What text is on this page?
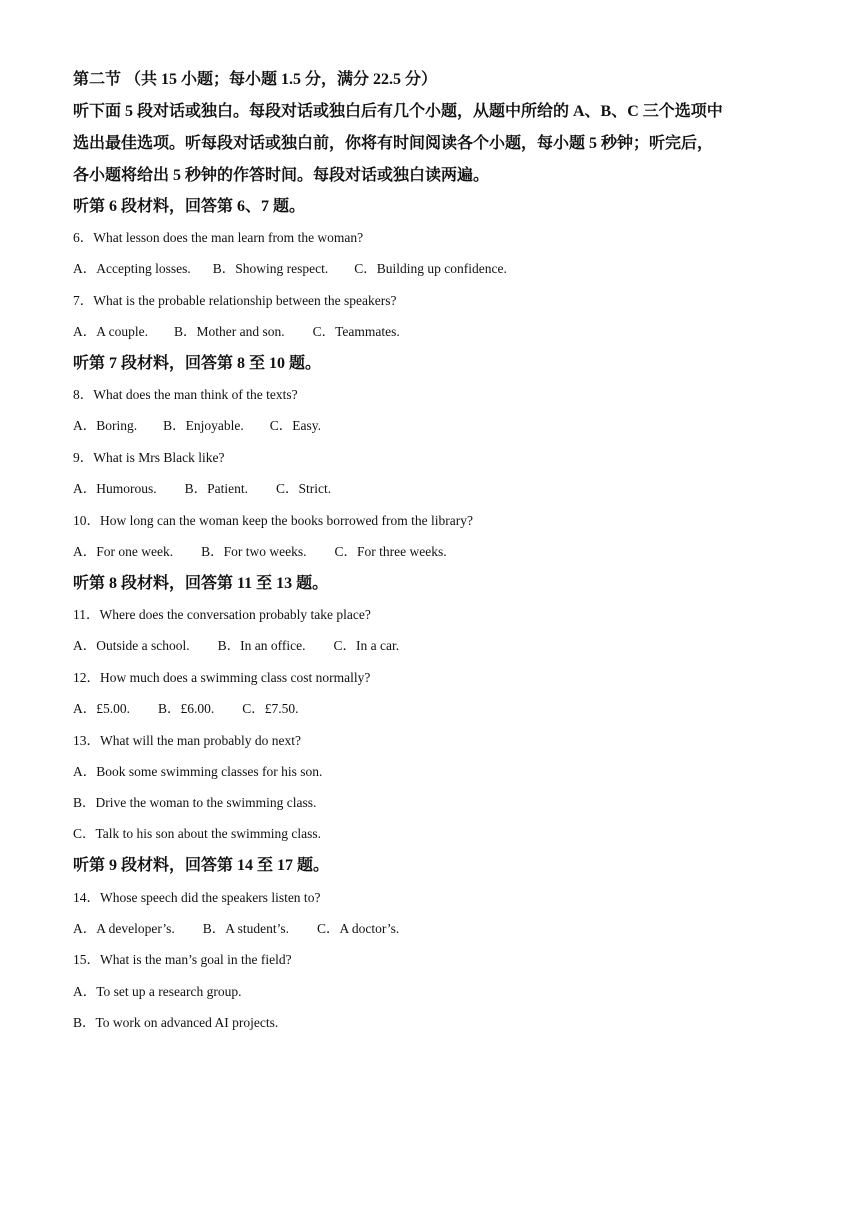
第二节 （共 15 小题；每小题 1.5 分，满分 22.5 分）
听下面 5 段对话或独白。每段对话或独白后有几个小题，从题中所给的 A、B、C 三个选项中
选出最佳选项。听每段对话或独白前，你将有时间阅读各个小题，每小题 5 秒钟；听完后，
各小题将给出 5 秒钟的作答时间。每段对话或独白读两遍。
听第 6 段材料，回答第 6、7 题。
6．What lesson does the man learn from the woman?
A．Accepting losses. B．Showing respect. C．Building up confidence.
7．What is the probable relationship between the speakers?
A．A couple. B．Mother and son. C．Teammates.
听第 7 段材料，回答第 8 至 10 题。
8．What does the man think of the texts?
A．Boring. B．Enjoyable. C．Easy.
9．What is Mrs Black like?
A．Humorous. B．Patient. C．Strict.
10．How long can the woman keep the books borrowed from the library?
A．For one week. B．For two weeks. C．For three weeks.
听第 8 段材料，回答第 11 至 13 题。
11．Where does the conversation probably take place?
A．Outside a school. B．In an office. C．In a car.
12．How much does a swimming class cost normally?
A．£5.00. B．£6.00. C．£7.50.
13．What will the man probably do next?
A．Book some swimming classes for his son.
B．Drive the woman to the swimming class.
C．Talk to his son about the swimming class.
听第 9 段材料，回答第 14 至 17 题。
14．Whose speech did the speakers listen to?
A．A developer’s. B．A student’s. C．A doctor’s.
15．What is the man’s goal in the field?
A．To set up a research group.
B．To work on advanced AI projects.
